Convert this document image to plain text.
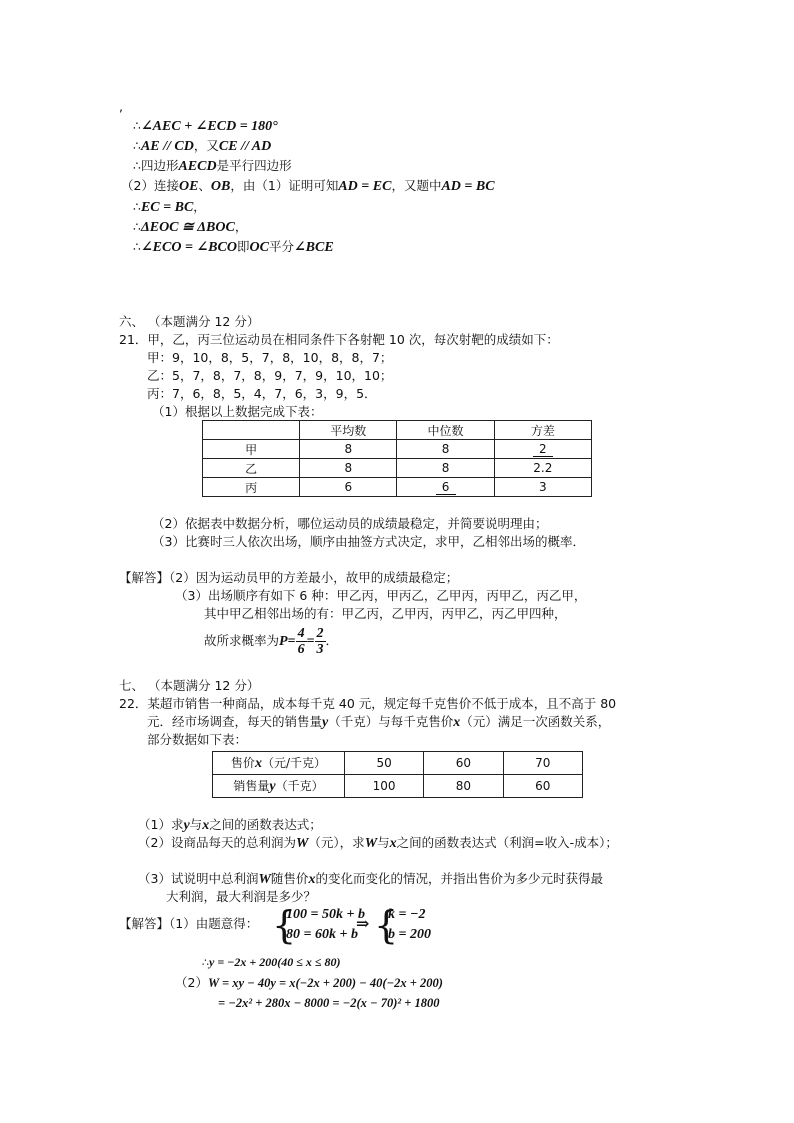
,
∴∠AEC + ∠ECD = 180°
∴AE // CD，又CE // AD
∴四边形AECD是平行四边形
（2）连接OE、OB，由（1）证明可知AD = EC，又题中AD = BC
∴EC = BC，
∴ΔEOC ≅ ΔBOC，
∴∠ECO = ∠BCO即OC平分∠BCE
六、 （本题满分 12 分）
21．甲，乙，丙三位运动员在相同条件下各射靶 10 次，每次射靶的成绩如下：
甲：9，10，8，5，7，8，10，8，8，7；
乙：5，7，8，7，8，9，7，9，10，10；
丙：7，6，8，5，4，7，6，3，9，5．
（1）根据以上数据完成下表：
	平均数	中位数	方差
甲	8	8	2
乙	8	8	2.2
丙	6	6	3
（2）依据表中数据分析，哪位运动员的成绩最稳定，并简要说明理由；
（3）比赛时三人依次出场，顺序由抽签方式决定，求甲，乙相邻出场的概率．
【解答】（2）因为运动员甲的方差最小，故甲的成绩最稳定；
（3）出场顺序有如下 6 种：甲乙丙，甲丙乙，乙甲丙，丙甲乙，丙乙甲，
其中甲乙相邻出场的有：甲乙丙，乙甲丙，丙甲乙，丙乙甲四种，
故所求概率为$P= \frac{4}{6} = \frac{2}{3}$ ．
七、 （本题满分 12 分）
22．某超市销售一种商品，成本每千克 40 元，规定每千克售价不低于成本，且不高于 80
元．经市场调查，每天的销售量y（千克）与每千克售价x（元）满足一次函数关系，
部分数据如下表：
售价x（元/千克）	50	60	70
销售量y（千克）	100	80	60
（1）求y与x之间的函数表达式；
（2）设商品每天的总利润为W（元），求W与x之间的函数表达式（利润=收入-成本）；
（3）试说明中总利润W随售价x的变化而变化的情况，并指出售价为多少元时获得最
大利润，最大利润是多少？
【解答】（1）由题意得： {
100 = 50k + b
80 = 60k + b
⇒ {
k = −2
b = 200
∴y = −2x + 200(40 ≤ x ≤ 80)
（2）W = xy − 40y = x(−2x + 200) − 40(−2x + 200)
= −2x² + 280x − 8000 = −2(x − 70)² + 1800
